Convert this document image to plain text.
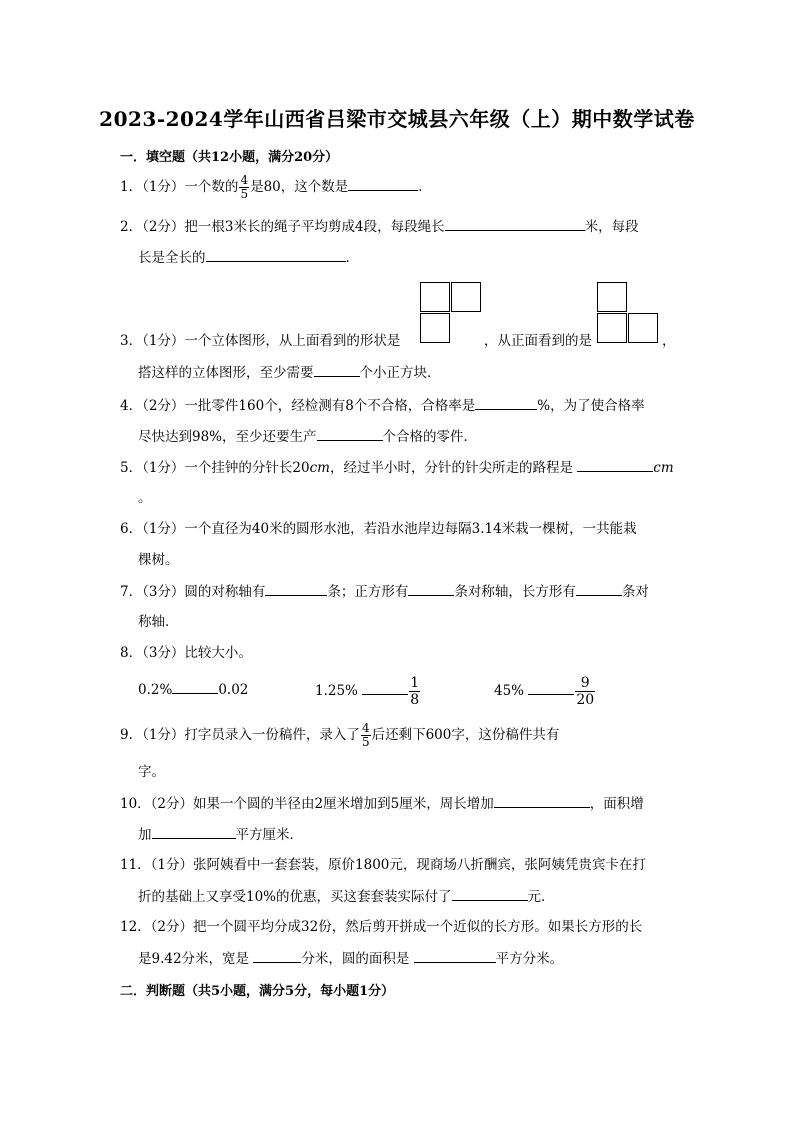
2023-2024学年山西省吕梁市交城县六年级（上）期中数学试卷
一．填空题（共12小题，满分20分）
1．（1分）一个数的 $\frac{4}{5}$ 是80，这个数是	．
2．（2分）把一根3米长的绳子平均剪成4段，每段绳长	米，每段
长是全长的	．
3．（1分）一个立体图形，从上面看到的形状是	，从正面看到的是	，
搭这样的立体图形，至少需要	个小正方块．
4．（2分）一批零件160个，经检测有8个不合格，合格率是	%，为了使合格率
尽快达到98%，至少还要生产	个合格的零件．
5．（1分）一个挂钟的分针长20cm，经过半小时，分针的针尖所走的路程是	cm
。
6．（1分）一个直径为40米的圆形水池，若沿水池岸边每隔3.14米栽一棵树，一共能栽
棵树。
7．（3分）圆的对称轴有	条；正方形有	条对称轴，长方形有	条对
称轴．
8．（3分）比较大小。
0.2%	0.02	1.25%	$\frac{1}{8}$	45%	$\frac{9}{20}$
9．（1分）打字员录入一份稿件，录入了 $\frac{4}{5}$ 后还剩下600字，这份稿件共有
字。
10．（2分）如果一个圆的半径由2厘米增加到5厘米，周长增加	，面积增
加	平方厘米．
11．（1分）张阿姨看中一套套装，原价1800元，现商场八折酬宾，张阿姨凭贵宾卡在打
折的基础上又享受10%的优惠，买这套套装实际付了	元．
12．（2分）把一个圆平均分成32份，然后剪开拼成一个近似的长方形。如果长方形的长
是9.42分米，宽是	分米，圆的面积是	平方分米。
二．判断题（共5小题，满分5分，每小题1分）
